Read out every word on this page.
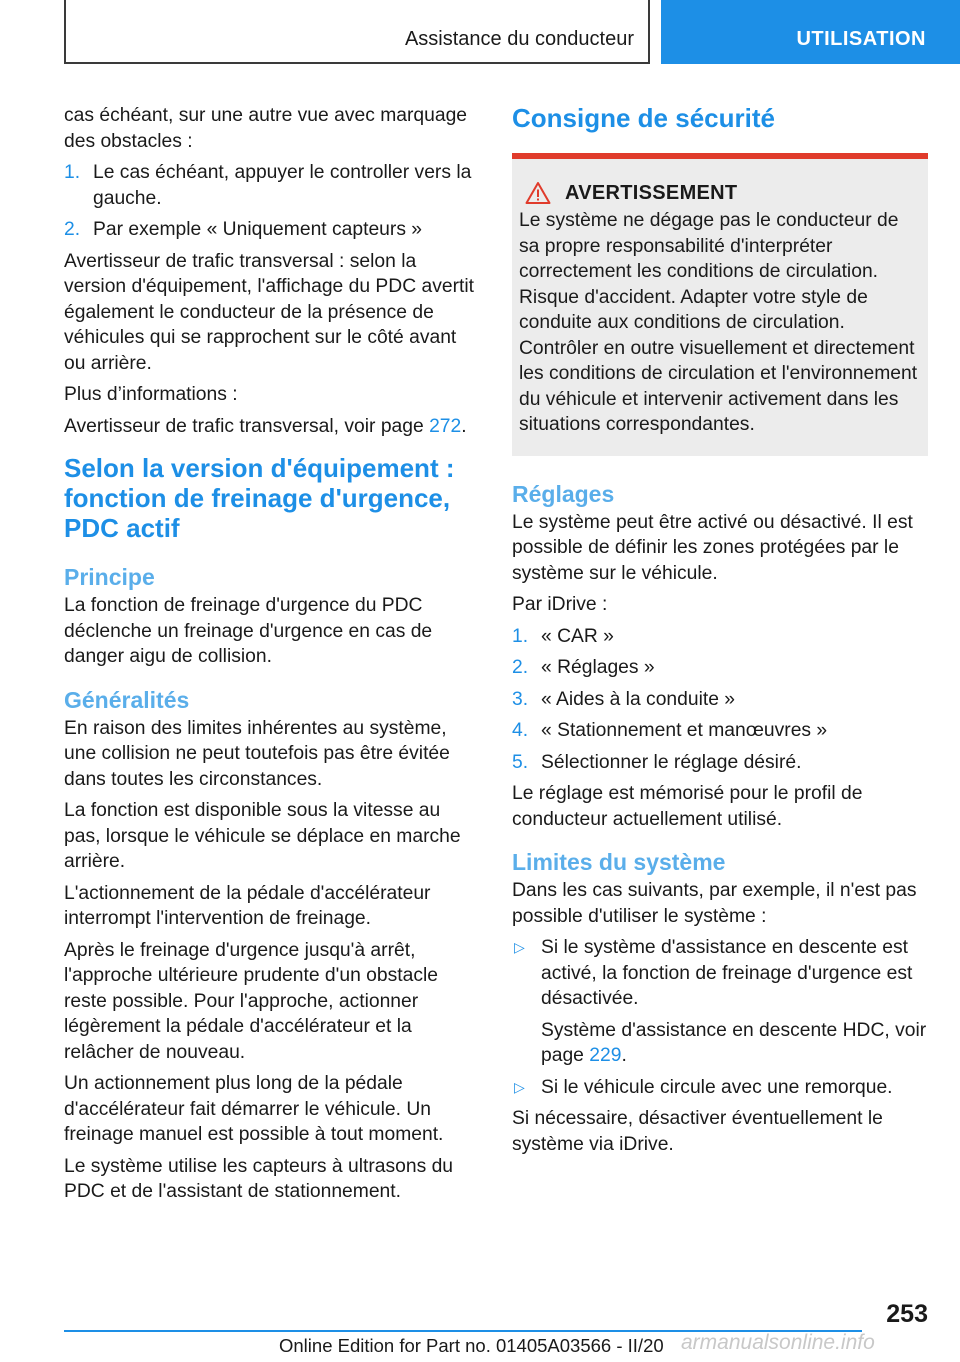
Assistance du conducteur	UTILISATION

cas échéant, sur une autre vue avec marquage des obstacles :

1. Le cas échéant, appuyer le controller vers la gauche.
2. Par exemple « Uniquement capteurs »

Avertisseur de trafic transversal : selon la version d'équipement, l'affichage du PDC avertit également le conducteur de la présence de véhicules qui se rapprochent sur le côté avant ou arrière.

Plus d’informations :

Avertisseur de trafic transversal, voir page 272.

Selon la version d'équipement : fonction de freinage d'urgence, PDC actif
Principe

La fonction de freinage d'urgence du PDC déclenche un freinage d'urgence en cas de danger aigu de collision.

Généralités

En raison des limites inhérentes au système, une collision ne peut toutefois pas être évitée dans toutes les circonstances.

La fonction est disponible sous la vitesse au pas, lorsque le véhicule se déplace en marche arrière.

L'actionnement de la pédale d'accélérateur interrompt l'intervention de freinage.

Après le freinage d'urgence jusqu'à arrêt, l'approche ultérieure prudente d'un obstacle reste possible. Pour l'approche, actionner légèrement la pédale d'accélérateur et la relâcher de nouveau.

Un actionnement plus long de la pédale d'accélérateur fait démarrer le véhicule. Un freinage manuel est possible à tout moment.

Le système utilise les capteurs à ultrasons du PDC et de l'assistant de stationnement.

Consigne de sécurité
AVERTISSEMENT

Le système ne dégage pas le conducteur de sa propre responsabilité d'interpréter correctement les conditions de circulation. Risque d'accident. Adapter votre style de conduite aux conditions de circulation. Contrôler en outre visuellement et directement les conditions de circulation et l'environnement du véhicule et intervenir activement dans les situations correspondantes.

Réglages

Le système peut être activé ou désactivé. Il est possible de définir les zones protégées par le système sur le véhicule.

Par iDrive :

1. « CAR »
2. « Réglages »
3. « Aides à la conduite »
4. « Stationnement et manœuvres »
5. Sélectionner le réglage désiré.

Le réglage est mémorisé pour le profil de conducteur actuellement utilisé.

Limites du système

Dans les cas suivants, par exemple, il n'est pas possible d'utiliser le système :

▷ Si le système d'assistance en descente est activé, la fonction de freinage d'urgence est désactivée.

Système d'assistance en descente HDC, voir page 229.

▷ Si le véhicule circule avec une remorque.

Si nécessaire, désactiver éventuellement le système via iDrive.

253
Online Edition for Part no. 01405A03566 - II/20 armanualsonline.info
